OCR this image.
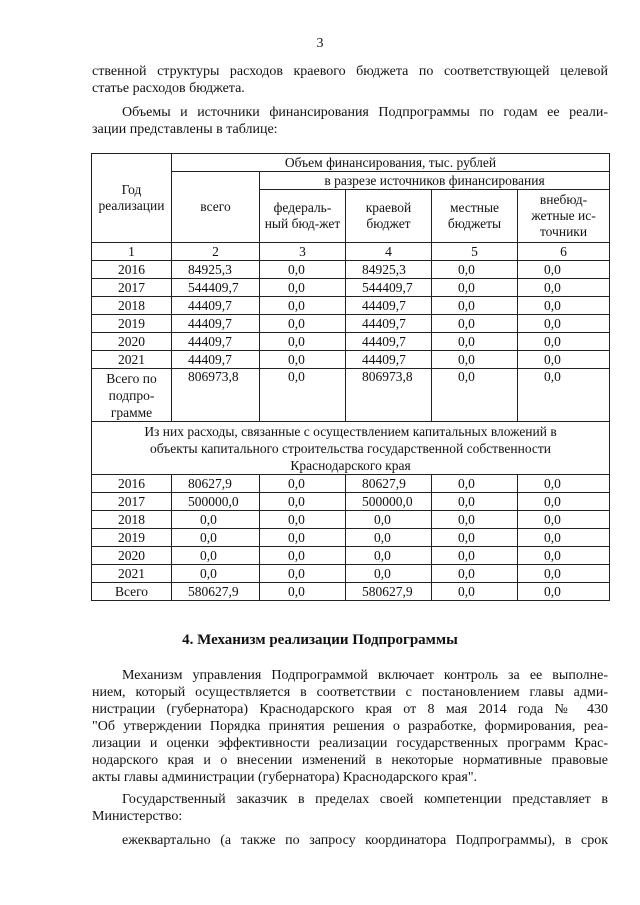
3

ственной структуры расходов краевого бюджета по соответствующей целевой
статье расходов бюджета.

Объемы и источники финансирования Подпрограммы по годам ее реали-
зации представлены в таблице:

Год реализации	Объем финансирования, тыс. рублей				
	всего	в разрезе источников финансирования			
		федераль-ный бюд-жет	краевой бюджет	местные бюджеты	внебюд-жетные ис-точники
1	2	3	4	5	6
2016	84925,3	0,0	84925,3	0,0	0,0
2017	544409,7	0,0	544409,7	0,0	0,0
2018	44409,7	0,0	44409,7	0,0	0,0
2019	44409,7	0,0	44409,7	0,0	0,0
2020	44409,7	0,0	44409,7	0,0	0,0
2021	44409,7	0,0	44409,7	0,0	0,0
Всего по подпро-грамме	806973,8	0,0	806973,8	0,0	0,0
Из них расходы, связанные с осуществлением капитальных вложений в объекты капитального строительства государственной собственности Краснодарского края					
2016	80627,9	0,0	80627,9	0,0	0,0
2017	500000,0	0,0	500000,0	0,0	0,0
2018	0,0	0,0	0,0	0,0	0,0
2019	0,0	0,0	0,0	0,0	0,0
2020	0,0	0,0	0,0	0,0	0,0
2021	0,0	0,0	0,0	0,0	0,0
Всего	580627,9	0,0	580627,9	0,0	0,0
4. Механизм реализации Подпрограммы

Механизм управления Подпрограммой включает контроль за ее выполне-
нием, который осуществляется в соответствии с постановлением главы адми-
нистрации (губернатора) Краснодарского края от 8 мая 2014 года № 430
"Об утверждении Порядка принятия решения о разработке, формирования, реа-
лизации и оценки эффективности реализации государственных программ Крас-
нодарского края и о внесении изменений в некоторые нормативные правовые
акты главы администрации (губернатора) Краснодарского края".

Государственный заказчик в пределах своей компетенции представляет в
Министерство:

ежеквартально (а также по запросу координатора Подпрограммы), в срок
